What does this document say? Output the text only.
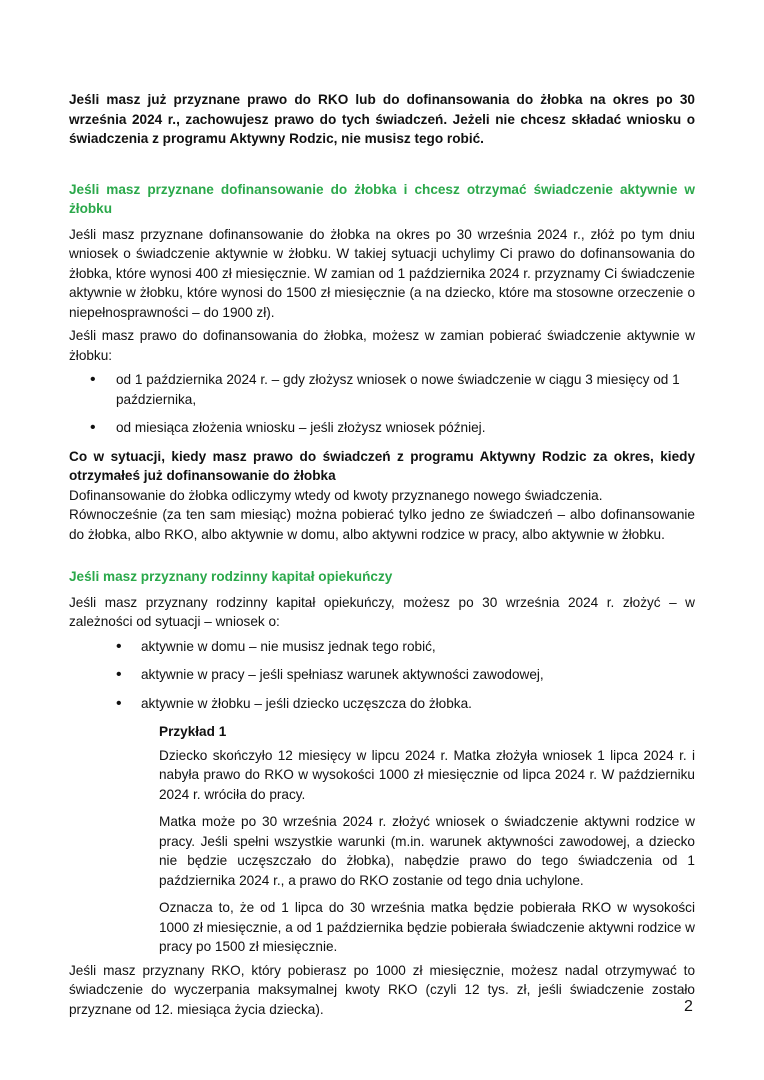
Jeśli masz już przyznane prawo do RKO lub do dofinansowania do żłobka na okres po 30 września 2024 r., zachowujesz prawo do tych świadczeń. Jeżeli nie chcesz składać wniosku o świadczenia z programu Aktywny Rodzic, nie musisz tego robić.

Jeśli masz przyznane dofinansowanie do żłobka i chcesz otrzymać świadczenie aktywnie w żłobku

Jeśli masz przyznane dofinansowanie do żłobka na okres po 30 września 2024 r., złóż po tym dniu wniosek o świadczenie aktywnie w żłobku. W takiej sytuacji uchylimy Ci prawo do dofinansowania do żłobka, które wynosi 400 zł miesięcznie. W zamian od 1 października 2024 r. przyznamy Ci świadczenie aktywnie w żłobku, które wynosi do 1500 zł miesięcznie (a na dziecko, które ma stosowne orzeczenie o niepełnosprawności – do 1900 zł).

Jeśli masz prawo do dofinansowania do żłobka, możesz w zamian pobierać świadczenie aktywnie w żłobku:

• od 1 października 2024 r. – gdy złożysz wniosek o nowe świadczenie w ciągu 3 miesięcy od 1 października,
• od miesiąca złożenia wniosku – jeśli złożysz wniosek później.

Co w sytuacji, kiedy masz prawo do świadczeń z programu Aktywny Rodzic za okres, kiedy otrzymałeś już dofinansowanie do żłobka

Dofinansowanie do żłobka odliczymy wtedy od kwoty przyznanego nowego świadczenia.

Równocześnie (za ten sam miesiąc) można pobierać tylko jedno ze świadczeń – albo dofinansowanie do żłobka, albo RKO, albo aktywnie w domu, albo aktywni rodzice w pracy, albo aktywnie w żłobku.

Jeśli masz przyznany rodzinny kapitał opiekuńczy

Jeśli masz przyznany rodzinny kapitał opiekuńczy, możesz po 30 września 2024 r. złożyć – w zależności od sytuacji – wniosek o:

• aktywnie w domu – nie musisz jednak tego robić,
• aktywnie w pracy – jeśli spełniasz warunek aktywności zawodowej,
• aktywnie w żłobku – jeśli dziecko uczęszcza do żłobka.

Przykład 1

Dziecko skończyło 12 miesięcy w lipcu 2024 r. Matka złożyła wniosek 1 lipca 2024 r. i nabyła prawo do RKO w wysokości 1000 zł miesięcznie od lipca 2024 r. W październiku 2024 r. wróciła do pracy.

Matka może po 30 września 2024 r. złożyć wniosek o świadczenie aktywni rodzice w pracy. Jeśli spełni wszystkie warunki (m.in. warunek aktywności zawodowej, a dziecko nie będzie uczęszczało do żłobka), nabędzie prawo do tego świadczenia od 1 października 2024 r., a prawo do RKO zostanie od tego dnia uchylone.

Oznacza to, że od 1 lipca do 30 września matka będzie pobierała RKO w wysokości 1000 zł miesięcznie, a od 1 października będzie pobierała świadczenie aktywni rodzice w pracy po 1500 zł miesięcznie.

Jeśli masz przyznany RKO, który pobierasz po 1000 zł miesięcznie, możesz nadal otrzymywać to świadczenie do wyczerpania maksymalnej kwoty RKO (czyli 12 tys. zł, jeśli świadczenie zostało przyznane od 12. miesiąca życia dziecka).	2
